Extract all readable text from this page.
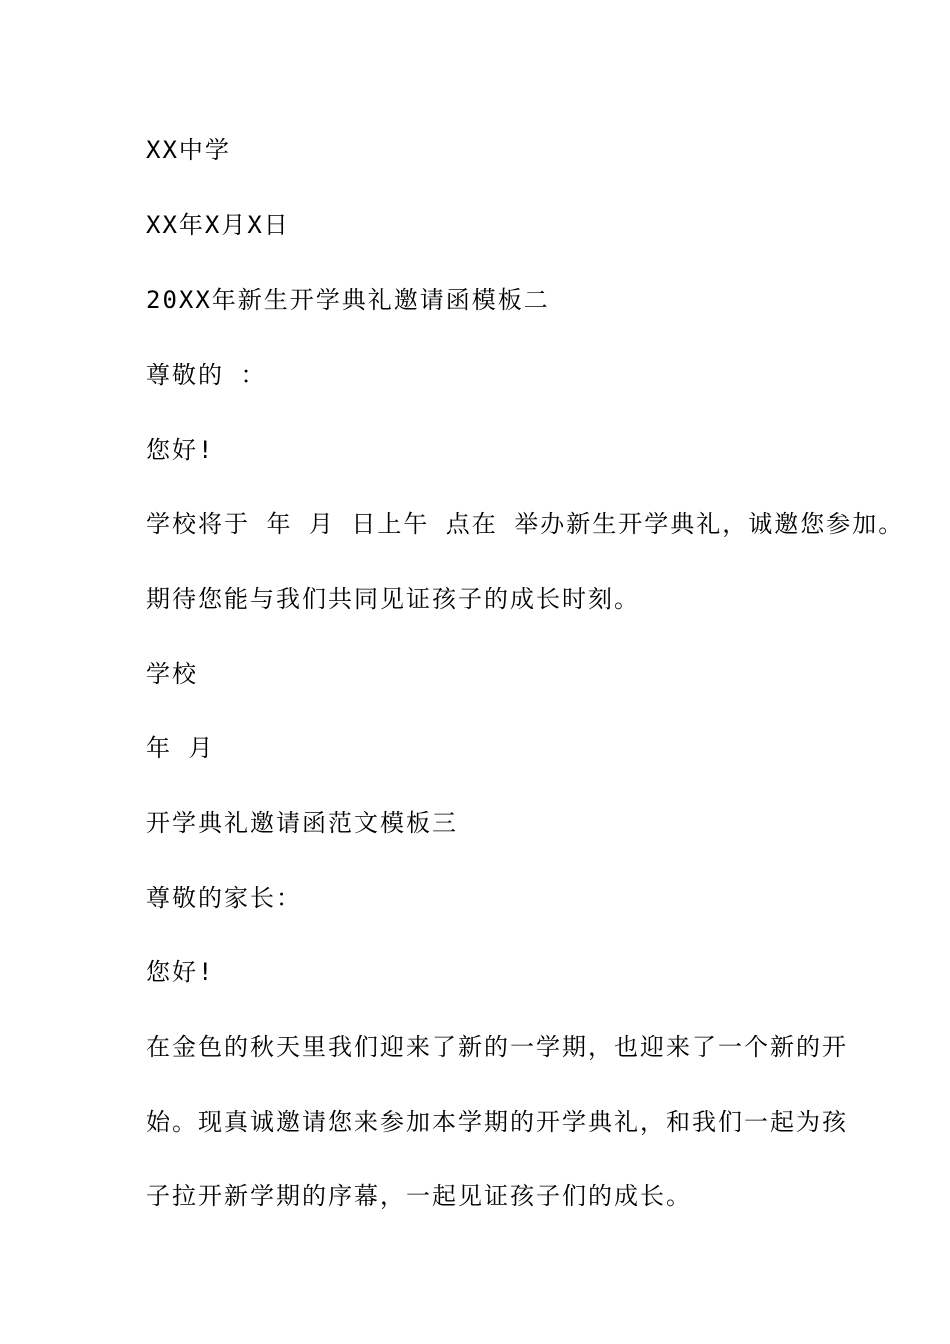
XX中学
XX年X月X日
20XX年新生开学典礼邀请函模板二
尊敬的 ：
您好!
学校将于 年 月 日上午 点在 举办新生开学典礼，诚邀您参加。
期待您能与我们共同见证孩子的成长时刻。
学校
年 月
开学典礼邀请函范文模板三
尊敬的家长：
您好!
在金色的秋天里我们迎来了新的一学期，也迎来了一个新的开
始。现真诚邀请您来参加本学期的开学典礼，和我们一起为孩
子拉开新学期的序幕，一起见证孩子们的成长。
